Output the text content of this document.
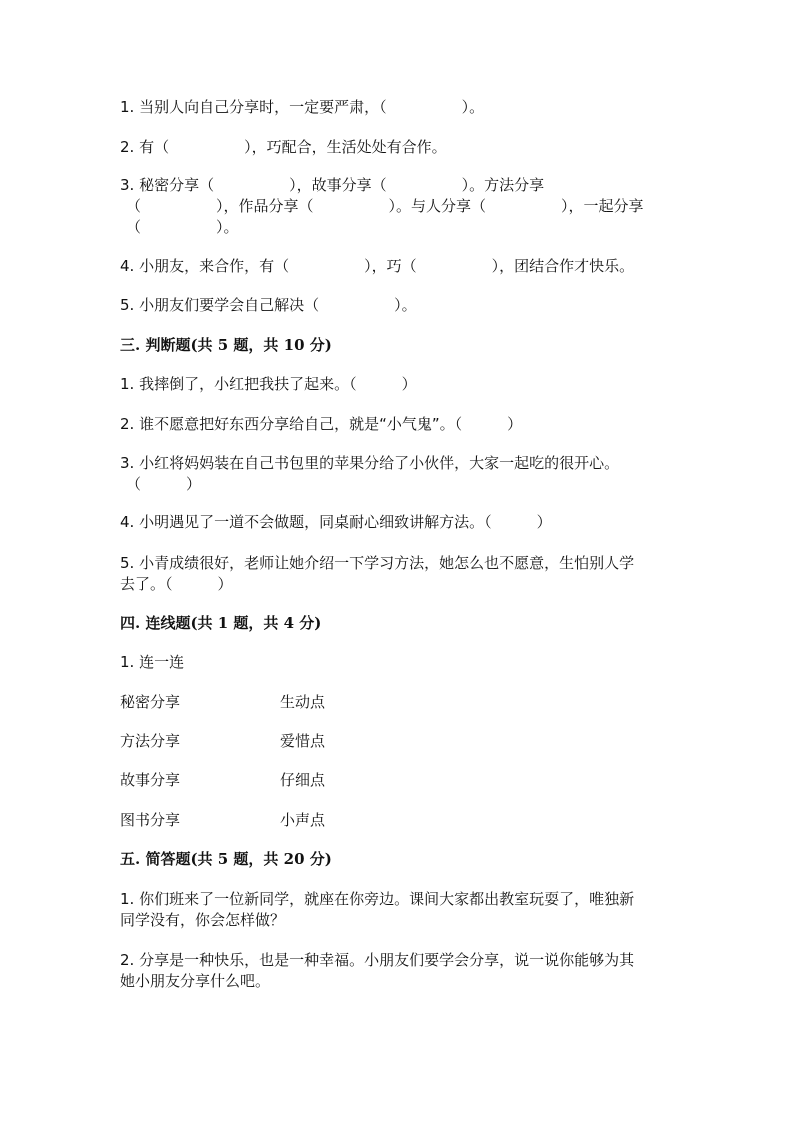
1. 当别人向自己分享时，一定要严肃，（　　　　　）。
2. 有（　　　　　），巧配合，生活处处有合作。
3. 秘密分享（　　　　　），故事分享（　　　　　）。方法分享
（　　　　　），作品分享（　　　　　）。与人分享（　　　　　），一起分享
（　　　　　）。
4. 小朋友，来合作，有（　　　　　），巧（　　　　　），团结合作才快乐。
5. 小朋友们要学会自己解决（　　　　　）。
三. 判断题(共 5 题，共 10 分)
1. 我摔倒了，小红把我扶了起来。（　　　）
2. 谁不愿意把好东西分享给自己，就是“小气鬼”。（　　　）
3. 小红将妈妈装在自己书包里的苹果分给了小伙伴，大家一起吃的很开心。
（　　　）
4. 小明遇见了一道不会做题，同桌耐心细致讲解方法。（　　　）
5. 小青成绩很好，老师让她介绍一下学习方法，她怎么也不愿意，生怕别人学
去了。（　　　）
四. 连线题(共 1 题，共 4 分)
1. 连一连
秘密分享	生动点
方法分享	爱惜点
故事分享	仔细点
图书分享	小声点
五. 简答题(共 5 题，共 20 分)
1. 你们班来了一位新同学，就座在你旁边。课间大家都出教室玩耍了，唯独新
同学没有，你会怎样做？
2. 分享是一种快乐，也是一种幸福。小朋友们要学会分享，说一说你能够为其
她小朋友分享什么吧。
